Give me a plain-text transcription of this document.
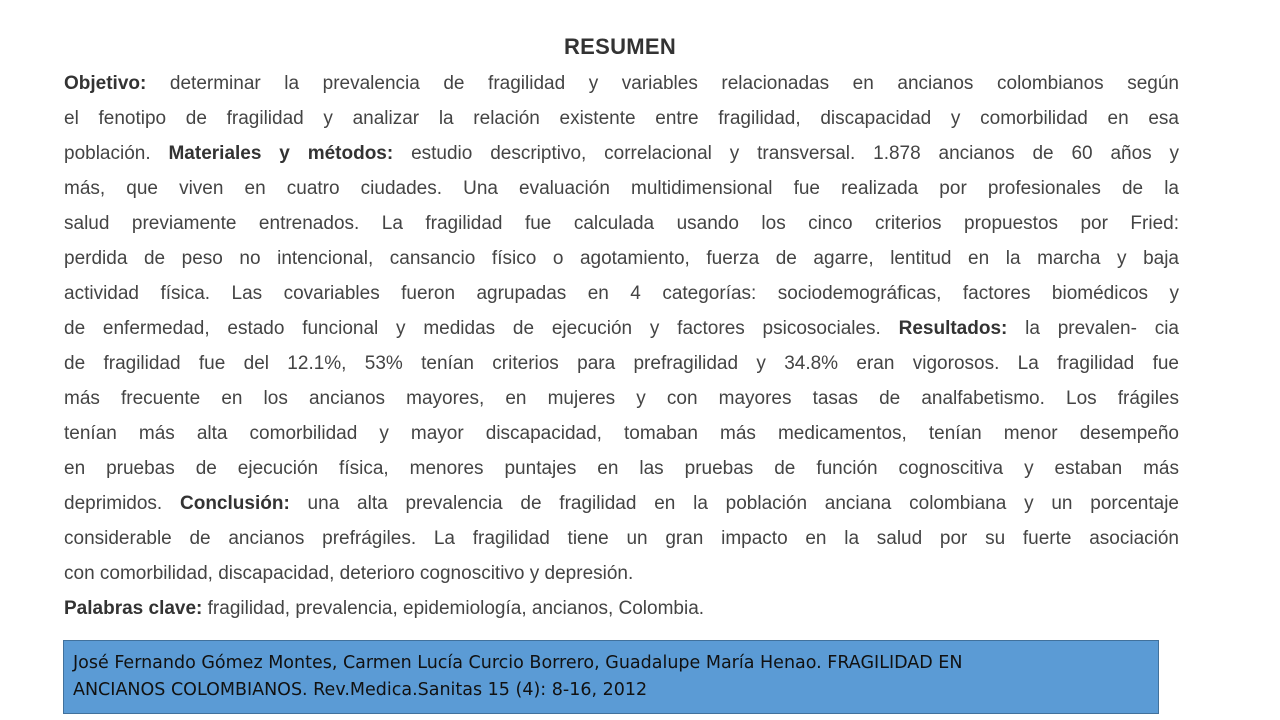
RESUMEN
Objetivo: determinar la prevalencia de fragilidad y variables relacionadas en ancianos colombianos según
el fenotipo de fragilidad y analizar la relación existente entre fragilidad, discapacidad y comorbilidad en esa
población. Materiales y métodos: estudio descriptivo, correlacional y transversal. 1.878 ancianos de 60 años y
más, que viven en cuatro ciudades. Una evaluación multidimensional fue realizada por profesionales de la
salud previamente entrenados. La fragilidad fue calculada usando los cinco criterios propuestos por Fried:
perdida de peso no intencional, cansancio físico o agotamiento, fuerza de agarre, lentitud en la marcha y baja
actividad física. Las covariables fueron agrupadas en 4 categorías: sociodemográficas, factores biomédicos y
de enfermedad, estado funcional y medidas de ejecución y factores psicosociales. Resultados: la prevalen- cia
de fragilidad fue del 12.1%, 53% tenían criterios para prefragilidad y 34.8% eran vigorosos. La fragilidad fue
más frecuente en los ancianos mayores, en mujeres y con mayores tasas de analfabetismo. Los frágiles
tenían más alta comorbilidad y mayor discapacidad, tomaban más medicamentos, tenían menor desempeño
en pruebas de ejecución física, menores puntajes en las pruebas de función cognoscitiva y estaban más
deprimidos. Conclusión: una alta prevalencia de fragilidad en la población anciana colombiana y un porcentaje
considerable de ancianos prefrágiles. La fragilidad tiene un gran impacto en la salud por su fuerte asociación
con comorbilidad, discapacidad, deterioro cognoscitivo y depresión.
Palabras clave: fragilidad, prevalencia, epidemiología, ancianos, Colombia.
José Fernando Gómez Montes, Carmen Lucía Curcio Borrero, Guadalupe María Henao. FRAGILIDAD EN
ANCIANOS COLOMBIANOS. Rev.Medica.Sanitas 15 (4): 8-16, 2012
